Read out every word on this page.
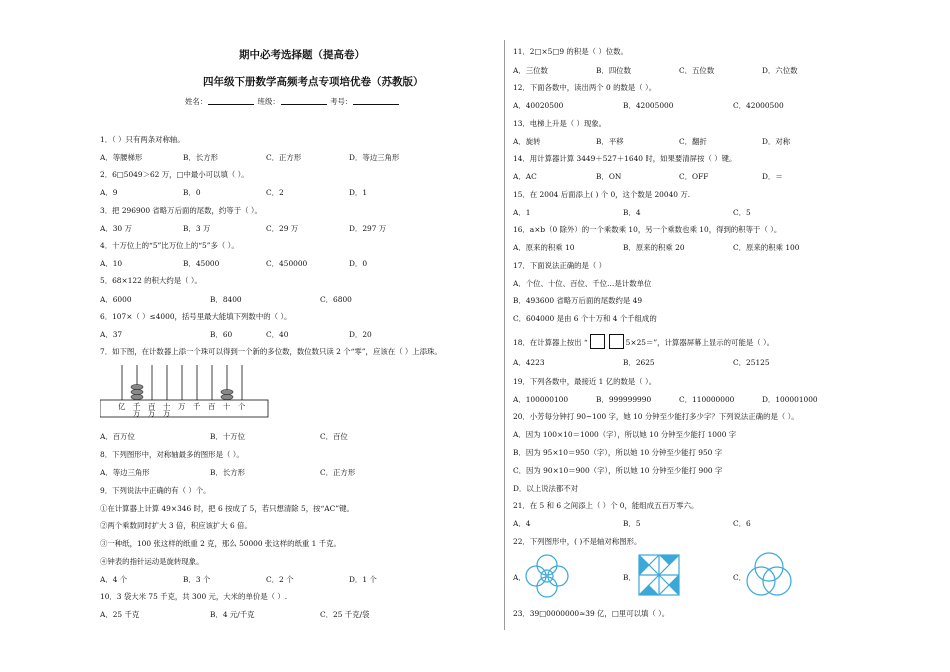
期中必考选择题（提高卷）
四年级下册数学高频考点专项培优卷（苏教版）
姓名：	班级：	考号：
1．（ ）只有两条对称轴。
A．等腰梯形	B．长方形	C．正方形	D．等边三角形
2．6□5049＞62 万，□中最小可以填（ ）。
A．9	B．0	C．2	D．1
3．把 296900 省略万后面的尾数，约等于（ ）。
A．30 万	B．3 万	C．29 万	D．297 万
4．十万位上的“5”比万位上的“5”多（ ）。
A．10	B．45000	C．450000	D．0
5．68×122 的积大约是（ ）。
A．6000	B．8400	C．6800
6．107×（ ）≤4000，括号里最大能填下列数中的（ ）。
A．37	B．60	C．40	D．20
7．如下图，在计数器上添一个珠可以得到一个新的多位数，数位数只读 2 个“零”，应该在（ ）上添珠。
亿 千万
百万
十万
万 千 百 十 个
A．百万位	B．十万位	C．百位
8．下列图形中，对称轴最多的图形是（ ）。
A．等边三角形	B．长方形	C．正方形
9．下列说法中正确的有（ ）个。
①在计算器上计算 49×346 时，把 6 按成了 5，若只想清除 5，按“AC”键。
②两个乘数同时扩大 3 倍，积应该扩大 6 倍。
③一种纸，100 张这样的纸重 2 克，那么 50000 张这样的纸重 1 千克。
④钟表的指针运动是旋转现象。
A．4 个	B．3 个	C．2 个	D．1 个
10．3 袋大米 75 千克，共 300 元，大米的单价是（ ）.
A．25 千克	B．4 元/千克	C．25 千克/袋
11．2□×5□9 的积是（ ）位数。
A．三位数	B．四位数	C．五位数	D．六位数
12．下面各数中，读出两个 0 的数是（ ）。
A．40020500	B．42005000	C．42000500
13．电梯上升是（ ）现象。
A．旋转	B．平移	C．翻折	D．对称
14．用计算器计算 3449＋527＋1640 时，如果要清屏按（ ）键。
A．AC	B．ON	C．OFF	D．＝
15．在 2004 后面添上( ) 个 0，这个数是 20040 万.
A．1	B．4	C．5
16．a×b（0 除外）的一个乘数乘 10，另一个乘数也乘 10，得到的积等于（ ）。
A．原来的积乘 10	B．原来的积乘 20	C．原来的积乘 100
17．下面说法正确的是（ ）
A．个位、十位、百位、千位…是计数单位
B．493600 省略万后面的尾数约是 49
C．604000 是由 6 个十万和 4 个千组成的
18．在计算器上按出 “	5×25＝”，计算器屏幕上显示的可能是（ ）。
A．4223	B．2625	C．25125
19．下列各数中，最接近 1 亿的数是（ ）。
A．100000100	B．999999990	C．110000000	D．100001000
20．小芳每分钟打 90~100 字，她 10 分钟至少能打多少字？下列说法正确的是（ ）。
A．因为 100×10＝1000（字），所以她 10 分钟至少能打 1000 字
B．因为 95×10＝950（字），所以她 10 分钟至少能打 950 字
C．因为 90×10＝900（字），所以她 10 分钟至少能打 900 字
D．以上说法都不对
21．在 5 和 6 之间添上（ ）个 0，能组成五百万零六。
A．4	B．5	C．6
22．下列图形中，( )不是轴对称图形。
A．	B．	C．
23．39□0000000≈39 亿，□里可以填（ ）。
